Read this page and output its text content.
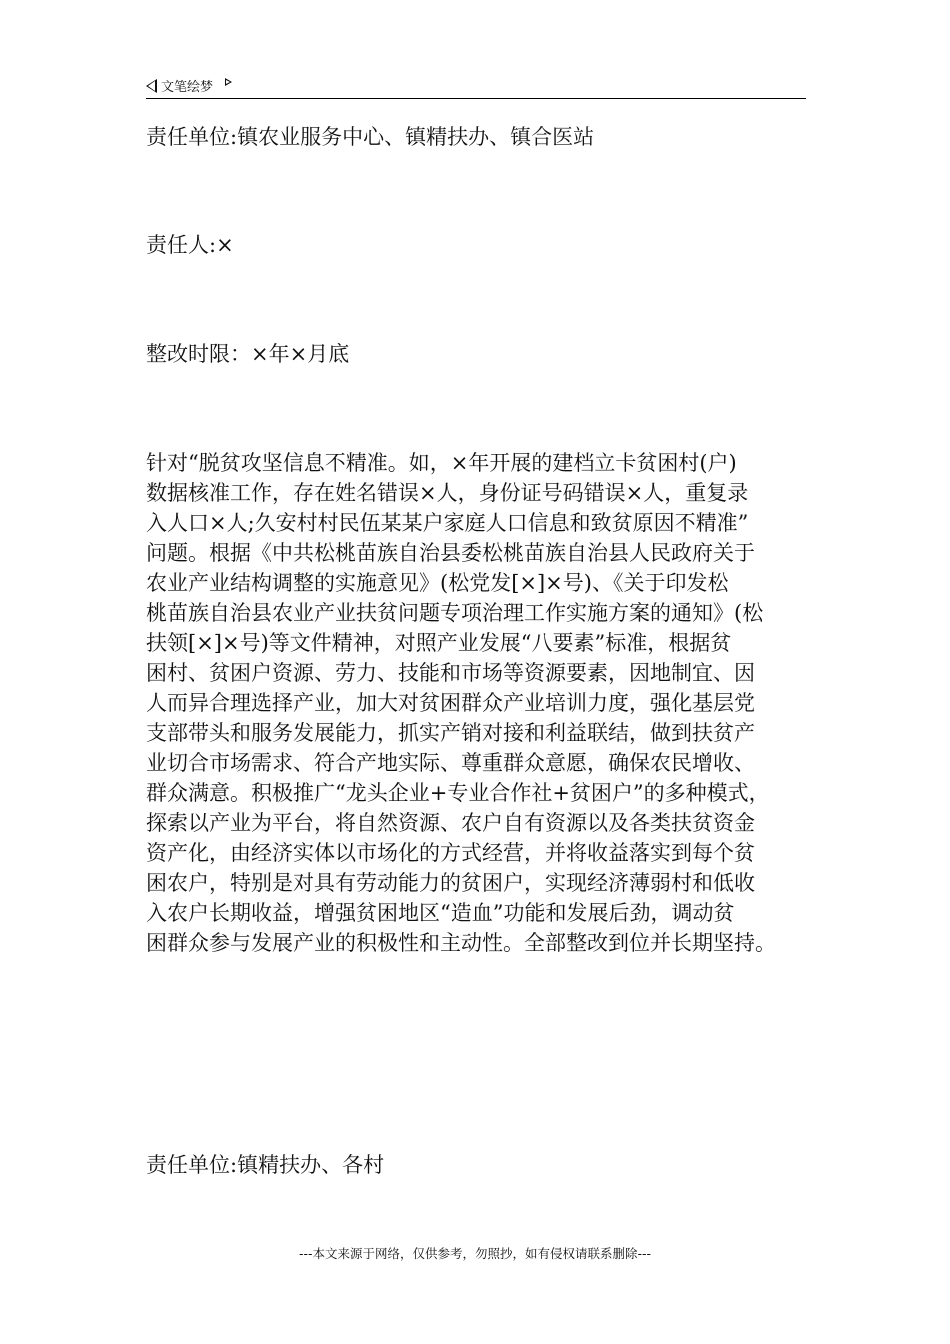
文笔绘梦
责任单位:镇农业服务中心、镇精扶办、镇合医站
责任人:×
整改时限：×年×月底
针对“脱贫攻坚信息不精准。如，×年开展的建档立卡贫困村(户)
数据核准工作，存在姓名错误×人，身份证号码错误×人，重复录
入人口×人;久安村村民伍某某户家庭人口信息和致贫原因不精准”
问题。根据《中共松桃苗族自治县委松桃苗族自治县人民政府关于
农业产业结构调整的实施意见》(松党发[×]×号)、《关于印发松
桃苗族自治县农业产业扶贫问题专项治理工作实施方案的通知》(松
扶领[×]×号)等文件精神，对照产业发展“八要素”标准，根据贫
困村、贫困户资源、劳力、技能和市场等资源要素，因地制宜、因
人而异合理选择产业，加大对贫困群众产业培训力度，强化基层党
支部带头和服务发展能力，抓实产销对接和利益联结，做到扶贫产
业切合市场需求、符合产地实际、尊重群众意愿，确保农民增收、
群众满意。积极推广“龙头企业+专业合作社+贫困户”的多种模式，
探索以产业为平台，将自然资源、农户自有资源以及各类扶贫资金
资产化，由经济实体以市场化的方式经营，并将收益落实到每个贫
困农户，特别是对具有劳动能力的贫困户，实现经济薄弱村和低收
入农户长期收益，增强贫困地区“造血”功能和发展后劲，调动贫
困群众参与发展产业的积极性和主动性。全部整改到位并长期坚持。
责任单位:镇精扶办、各村
---本文来源于网络，仅供参考，勿照抄，如有侵权请联系删除---
